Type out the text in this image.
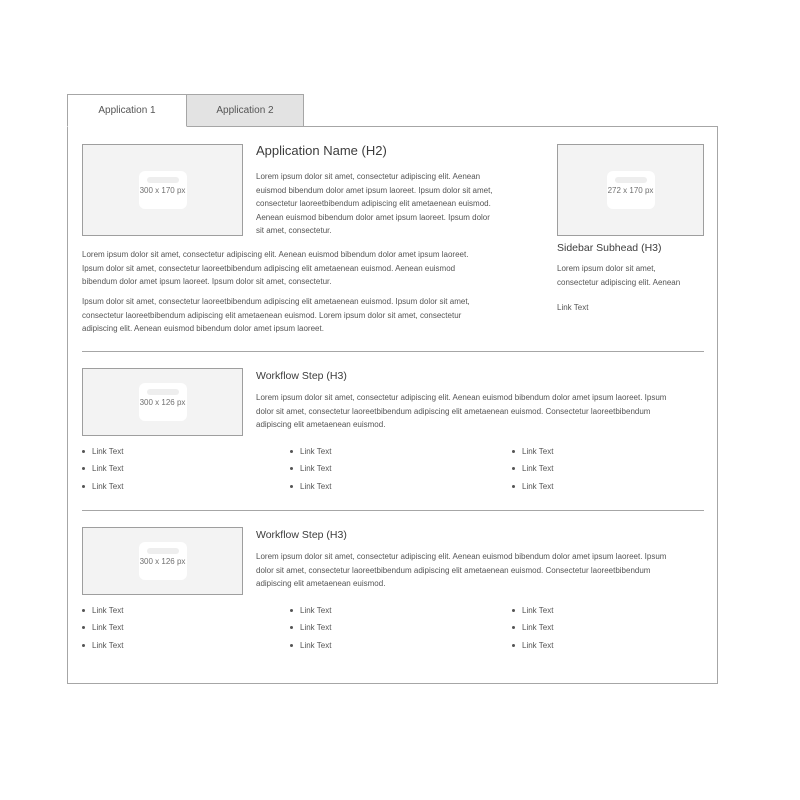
Application 1	Application 2
300 x 170 px
Application Name (H2)

Lorem ipsum dolor sit amet, consectetur adipiscing elit. Aenean euismod bibendum dolor amet ipsum laoreet. Ipsum dolor sit amet, consectetur laoreetbibendum adipiscing elit ametaenean euismod. Aenean euismod bibendum dolor amet ipsum laoreet. Ipsum dolor sit amet, consectetur.

Lorem ipsum dolor sit amet, consectetur adipiscing elit. Aenean euismod bibendum dolor amet ipsum laoreet. Ipsum dolor sit amet, consectetur laoreetbibendum adipiscing elit ametaenean euismod. Aenean euismod bibendum dolor amet ipsum laoreet. Ipsum dolor sit amet, consectetur.

Ipsum dolor sit amet, consectetur laoreetbibendum adipiscing elit ametaenean euismod. Ipsum dolor sit amet, consectetur laoreetbibendum adipiscing elit ametaenean euismod. Lorem ipsum dolor sit amet, consectetur adipiscing elit. Aenean euismod bibendum dolor amet ipsum laoreet.

272 x 170 px
Sidebar Subhead (H3)

Lorem ipsum dolor sit amet, consectetur adipiscing elit. Aenean

Link Text
300 x 126 px
Workflow Step (H3)

Lorem ipsum dolor sit amet, consectetur adipiscing elit. Aenean euismod bibendum dolor amet ipsum laoreet. Ipsum dolor sit amet, consectetur laoreetbibendum adipiscing elit ametaenean euismod. Consectetur laoreetbibendum adipiscing elit ametaenean euismod.

Link Text
Link Text
Link Text
Link Text
Link Text
Link Text
Link Text
Link Text
Link Text
300 x 126 px
Workflow Step (H3)

Lorem ipsum dolor sit amet, consectetur adipiscing elit. Aenean euismod bibendum dolor amet ipsum laoreet. Ipsum dolor sit amet, consectetur laoreetbibendum adipiscing elit ametaenean euismod. Consectetur laoreetbibendum adipiscing elit ametaenean euismod.

Link Text
Link Text
Link Text
Link Text
Link Text
Link Text
Link Text
Link Text
Link Text
